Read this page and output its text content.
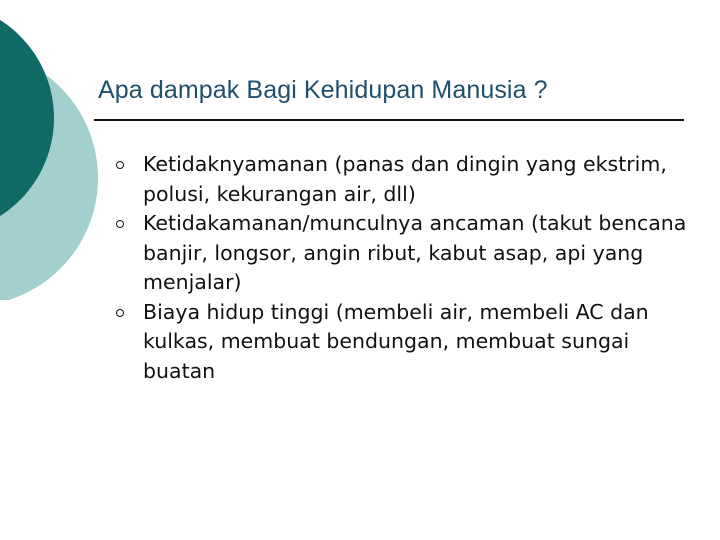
Apa dampak Bagi Kehidupan Manusia ?
Ketidaknyamanan (panas dan dingin yang ekstrim, polusi, kekurangan air, dll)
Ketidakamanan/munculnya ancaman (takut bencana banjir, longsor, angin ribut, kabut asap, api yang menjalar)
Biaya hidup tinggi (membeli air, membeli AC dan kulkas, membuat bendungan, membuat sungai buatan
